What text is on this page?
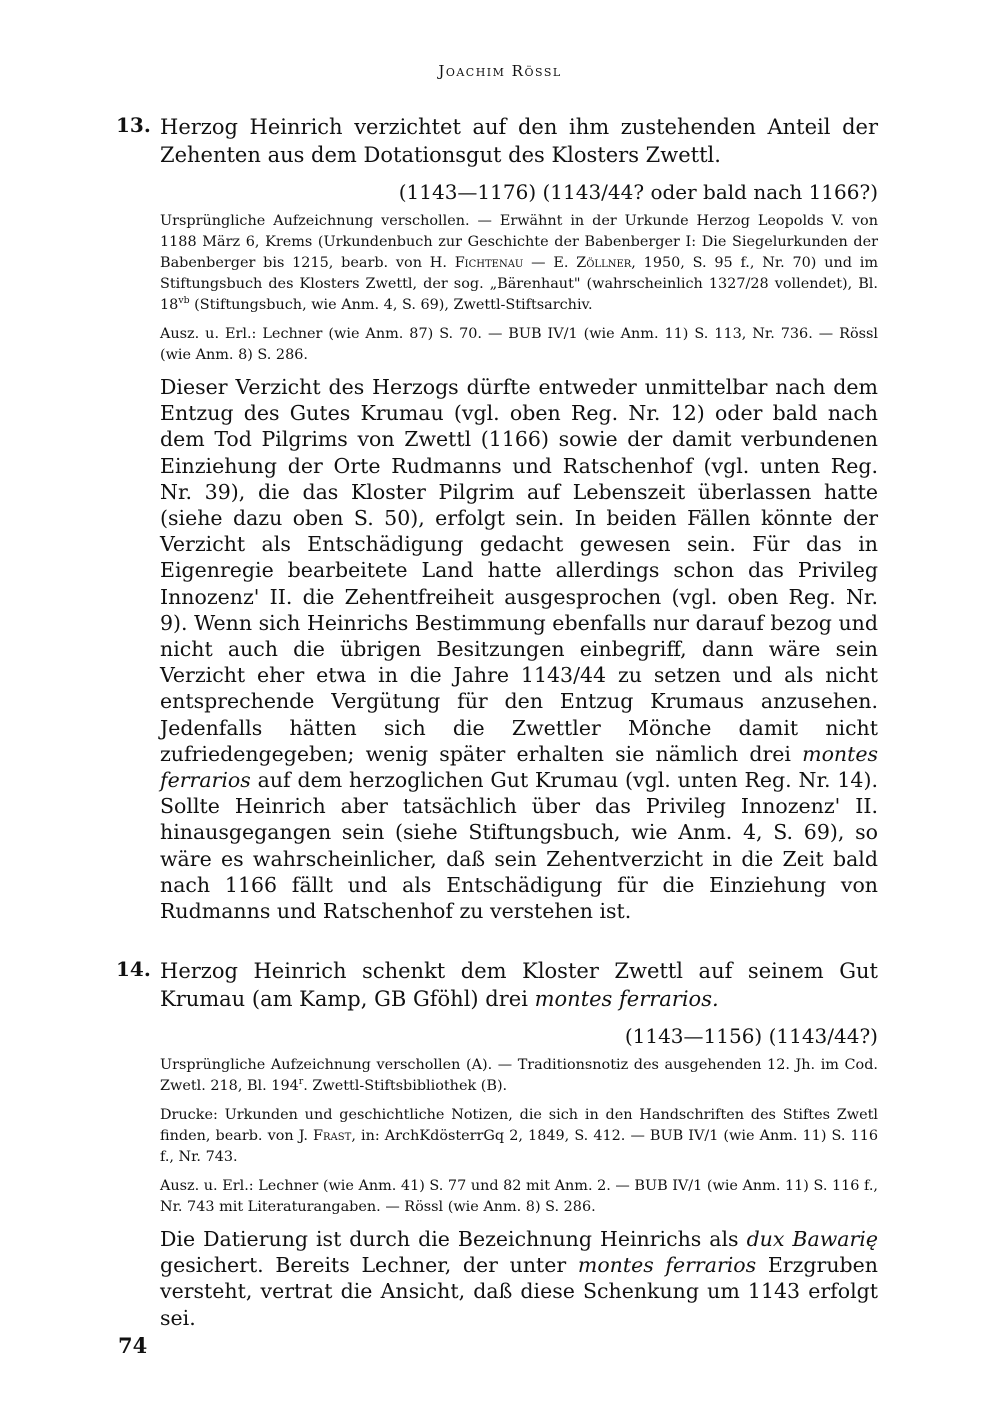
Joachim Rössl
13. Herzog Heinrich verzichtet auf den ihm zustehenden Anteil der Zehenten aus dem Dotationsgut des Klosters Zwettl.
(1143—1176) (1143/44? oder bald nach 1166?)
Ursprüngliche Aufzeichnung verschollen. — Erwähnt in der Urkunde Herzog Leopolds V. von 1188 März 6, Krems (Urkundenbuch zur Geschichte der Babenberger I: Die Siegelurkunden der Babenberger bis 1215, bearb. von H. Fichtenau — E. Zöllner, 1950, S. 95 f., Nr. 70) und im Stiftungsbuch des Klosters Zwettl, der sog. „Bärenhaut" (wahrscheinlich 1327/28 vollendet), Bl. $18^{vb}$ (Stiftungsbuch, wie Anm. 4, S. 69), Zwettl-Stiftsarchiv.
Ausz. u. Erl.: Lechner (wie Anm. 87) S. 70. — BUB IV/1 (wie Anm. 11) S. 113, Nr. 736. — Rössl (wie Anm. 8) S. 286.

Dieser Verzicht des Herzogs dürfte entweder unmittelbar nach dem Entzug des Gutes Krumau (vgl. oben Reg. Nr. 12) oder bald nach dem Tod Pilgrims von Zwettl (1166) sowie der damit verbundenen Einziehung der Orte Rudmanns und Ratschenhof (vgl. unten Reg. Nr. 39), die das Kloster Pilgrim auf Lebenszeit überlassen hatte (siehe dazu oben S. 50), erfolgt sein. In beiden Fällen könnte der Verzicht als Entschädigung gedacht gewesen sein. Für das in Eigenregie bearbeitete Land hatte allerdings schon das Privileg Innozenz' II. die Zehentfreiheit ausgesprochen (vgl. oben Reg. Nr. 9). Wenn sich Heinrichs Bestimmung ebenfalls nur darauf bezog und nicht auch die übrigen Besitzungen einbegriff, dann wäre sein Verzicht eher etwa in die Jahre 1143/44 zu setzen und als nicht entsprechende Vergütung für den Entzug Krumaus anzusehen. Jedenfalls hätten sich die Zwettler Mönche damit nicht zufriedengegeben; wenig später erhalten sie nämlich drei montes ferrarios auf dem herzoglichen Gut Krumau (vgl. unten Reg. Nr. 14). Sollte Heinrich aber tatsächlich über das Privileg Innozenz' II. hinausgegangen sein (siehe Stiftungsbuch, wie Anm. 4, S. 69), so wäre es wahrscheinlicher, daß sein Zehentverzicht in die Zeit bald nach 1166 fällt und als Entschädigung für die Einziehung von Rudmanns und Ratschenhof zu verstehen ist.

14. Herzog Heinrich schenkt dem Kloster Zwettl auf seinem Gut Krumau (am Kamp, GB Gföhl) drei montes ferrarios.
(1143—1156) (1143/44?)
Ursprüngliche Aufzeichnung verschollen (A). — Traditionsnotiz des ausgehenden 12. Jh. im Cod. Zwetl. 218, Bl. 194$^r$. Zwettl-Stiftsbibliothek (B).
Drucke: Urkunden und geschichtliche Notizen, die sich in den Handschriften des Stiftes Zwetl finden, bearb. von J. Frast, in: ArchKdösterrGq 2, 1849, S. 412. — BUB IV/1 (wie Anm. 11) S. 116 f., Nr. 743.
Ausz. u. Erl.: Lechner (wie Anm. 41) S. 77 und 82 mit Anm. 2. — BUB IV/1 (wie Anm. 11) S. 116 f., Nr. 743 mit Literaturangaben. — Rössl (wie Anm. 8) S. 286.

Die Datierung ist durch die Bezeichnung Heinrichs als dux Bawarię gesichert. Bereits Lechner, der unter montes ferrarios Erzgruben versteht, vertrat die Ansicht, daß diese Schenkung um 1143 erfolgt sei.

74
